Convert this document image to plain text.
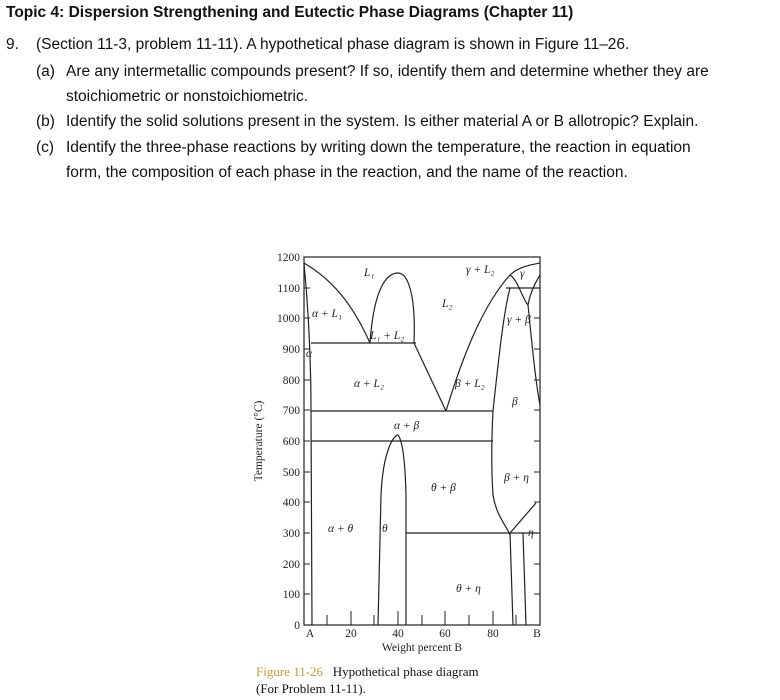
Topic 4: Dispersion Strengthening and Eutectic Phase Diagrams (Chapter 11)
9. (Section 11-3, problem 11-11). A hypothetical phase diagram is shown in Figure 11–26.
(a) Are any intermetallic compounds present? If so, identify them and determine whether they are
stoichiometric or nonstoichiometric.
(b) Identify the solid solutions present in the system. Is either material A or B allotropic? Explain.
(c) Identify the three-phase reactions by writing down the temperature, the reaction in equation
form, the composition of each phase in the reaction, and the name of the reaction.
1200
1100
1000
900
800
700
600
500
400
300
200
100
0
A	20	40	60	80	B
Weight percent B
Temperature (°C)
L₁
α + L₁
L₂
γ + L₂ γ
L₁ + L₂
α
γ + β
α + L₂	β + L₂
β
α + β
θ + β
β + η
α + θ	θ	η
θ + η
Figure 11-26 Hypothetical phase diagram
(For Problem 11-11).
